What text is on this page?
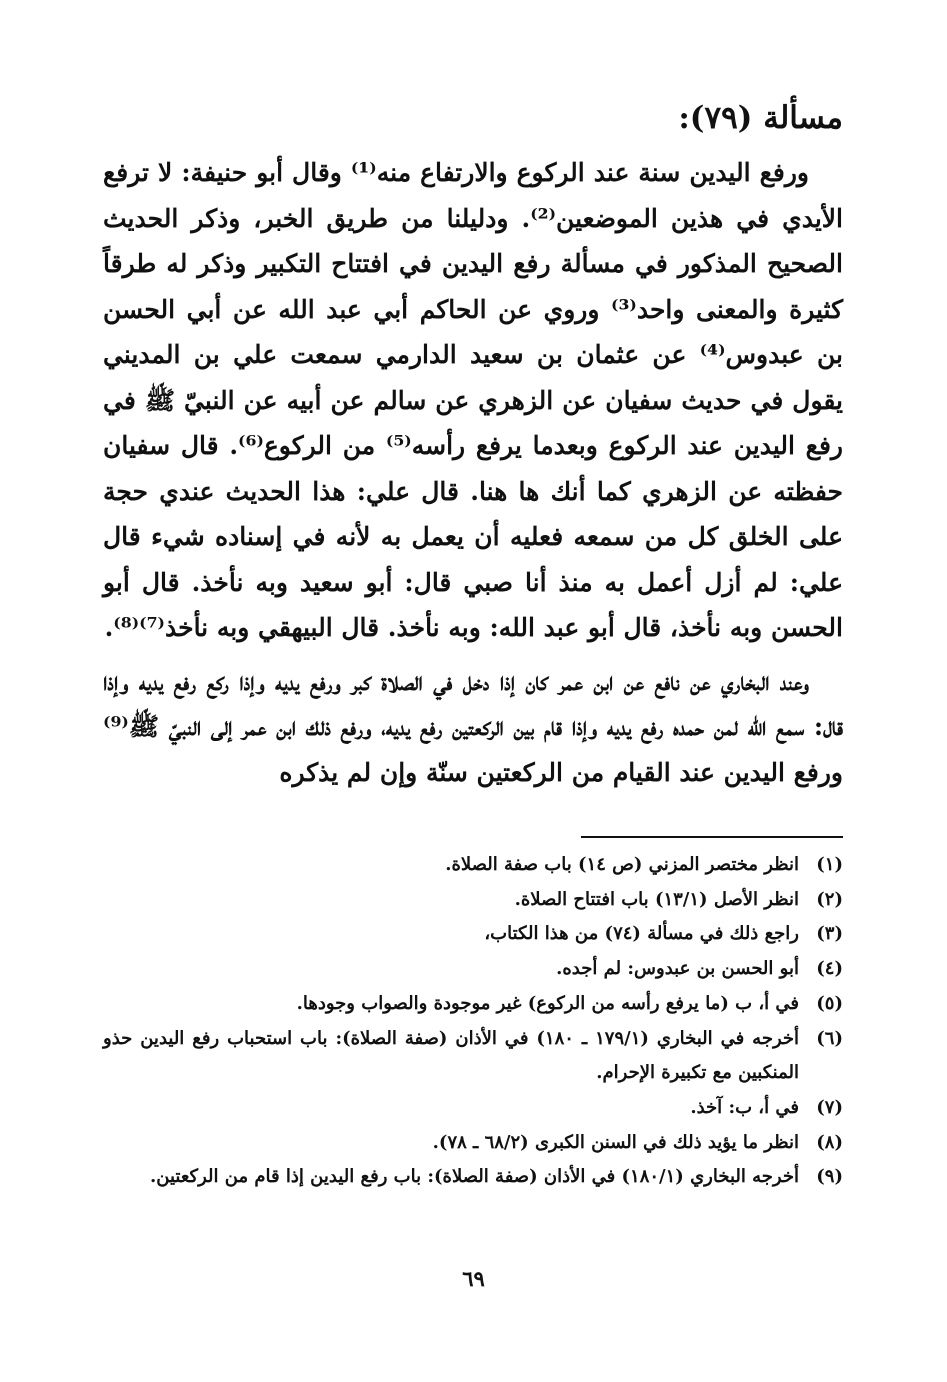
مسألة (٧٩):

ورفع اليدين سنة عند الركوع والارتفاع منه⁽¹⁾ وقال أبو حنيفة: لا ترفع الأيدي في هذين الموضعين⁽²⁾. ودليلنا من طريق الخبر، وذكر الحديث الصحيح المذكور في مسألة رفع اليدين في افتتاح التكبير وذكر له طرقاً كثيرة والمعنى واحد⁽³⁾ وروي عن الحاكم أبي عبد الله عن أبي الحسن بن عبدوس⁽⁴⁾ عن عثمان بن سعيد الدارمي سمعت علي بن المديني يقول في حديث سفيان عن الزهري عن سالم عن أبيه عن النبيّ ﷺ في رفع اليدين عند الركوع وبعدما يرفع رأسه⁽⁵⁾ من الركوع⁽⁶⁾. قال سفيان حفظته عن الزهري كما أنك ها هنا. قال علي: هذا الحديث عندي حجة على الخلق كل من سمعه فعليه أن يعمل به لأنه في إسناده شيء قال علي: لم أزل أعمل به منذ أنا صبي قال: أبو سعيد وبه نأخذ. قال أبو الحسن وبه نأخذ، قال أبو عبد الله: وبه نأخذ. قال البيهقي وبه نأخذ⁽⁷⁾⁽⁸⁾.

وعند البخاري عن نافع عن ابن عمر كان إذا دخل في الصلاة كبر ورفع يديه وإذا ركع رفع يديه وإذا قال: سمع الله لمن حمده رفع يديه وإذا قام بين الركعتين رفع يديه، ورفع ذلك ابن عمر إلى النبيّ ﷺ⁽⁹⁾ ورفع اليدين عند القيام من الركعتين سنّة وإن لم يذكره

(١)
انظر مختصر المزني (ص ١٤) باب صفة الصلاة.
(٢)
انظر الأصل (١٣/١) باب افتتاح الصلاة.
(٣)
راجع ذلك في مسألة (٧٤) من هذا الكتاب،
(٤)
أبو الحسن بن عبدوس: لم أجده.
(٥)
في أ، ب (ما يرفع رأسه من الركوع) غير موجودة والصواب وجودها.
(٦)
أخرجه في البخاري (١٧٩/١ ـ ١٨٠) في الأذان (صفة الصلاة): باب استحباب رفع اليدين حذو المنكبين مع تكبيرة الإحرام.
(٧)
في أ، ب: آخذ.
(٨)
انظر ما يؤيد ذلك في السنن الكبرى (٦٨/٢ ـ ٧٨).
(٩)
أخرجه البخاري (١٨٠/١) في الأذان (صفة الصلاة): باب رفع اليدين إذا قام من الركعتين.
٦٩
